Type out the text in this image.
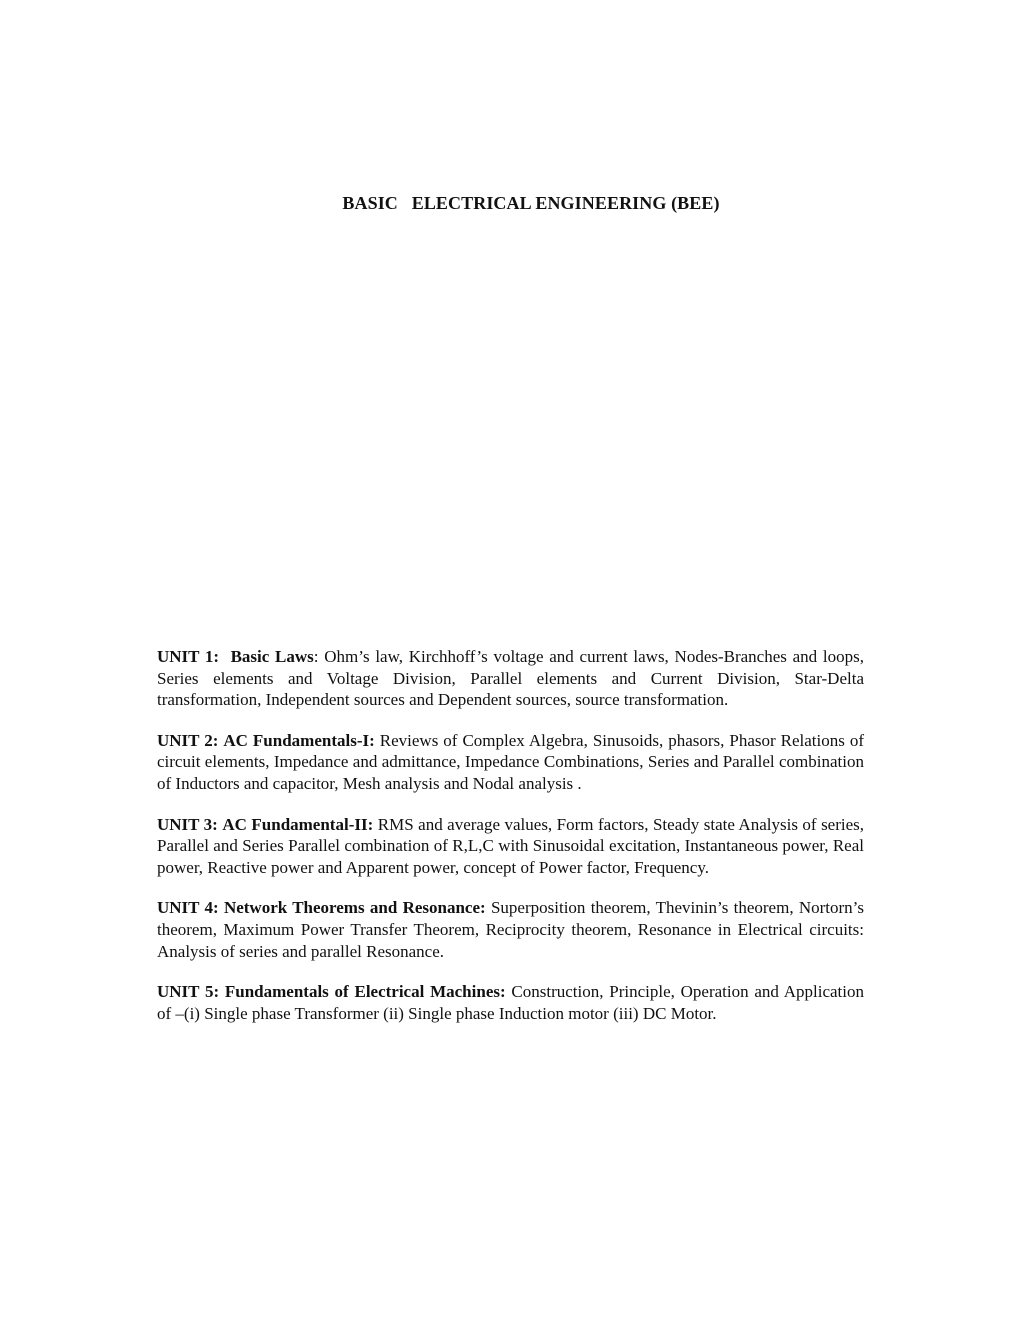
BASIC   ELECTRICAL ENGINEERING (BEE)

UNIT 1: Basic Laws: Ohm’s law, Kirchhoff’s voltage and current laws, Nodes-Branches and loops, Series elements and Voltage Division, Parallel elements and Current Division, Star-Delta transformation, Independent sources and Dependent sources, source transformation.

UNIT 2: AC Fundamentals-I: Reviews of Complex Algebra, Sinusoids, phasors, Phasor Relations of circuit elements, Impedance and admittance, Impedance Combinations, Series and Parallel combination of Inductors and capacitor, Mesh analysis and Nodal analysis .

UNIT 3: AC Fundamental-II: RMS and average values, Form factors, Steady state Analysis of series, Parallel and Series Parallel combination of R,L,C with Sinusoidal excitation, Instantaneous power, Real power, Reactive power and Apparent power, concept of Power factor, Frequency.

UNIT 4: Network Theorems and Resonance: Superposition theorem, Thevinin’s theorem, Nortorn’s theorem, Maximum Power Transfer Theorem, Reciprocity theorem, Resonance in Electrical circuits: Analysis of series and parallel Resonance.

UNIT 5: Fundamentals of Electrical Machines: Construction, Principle, Operation and Application of –(i) Single phase Transformer (ii) Single phase Induction motor (iii) DC Motor.
